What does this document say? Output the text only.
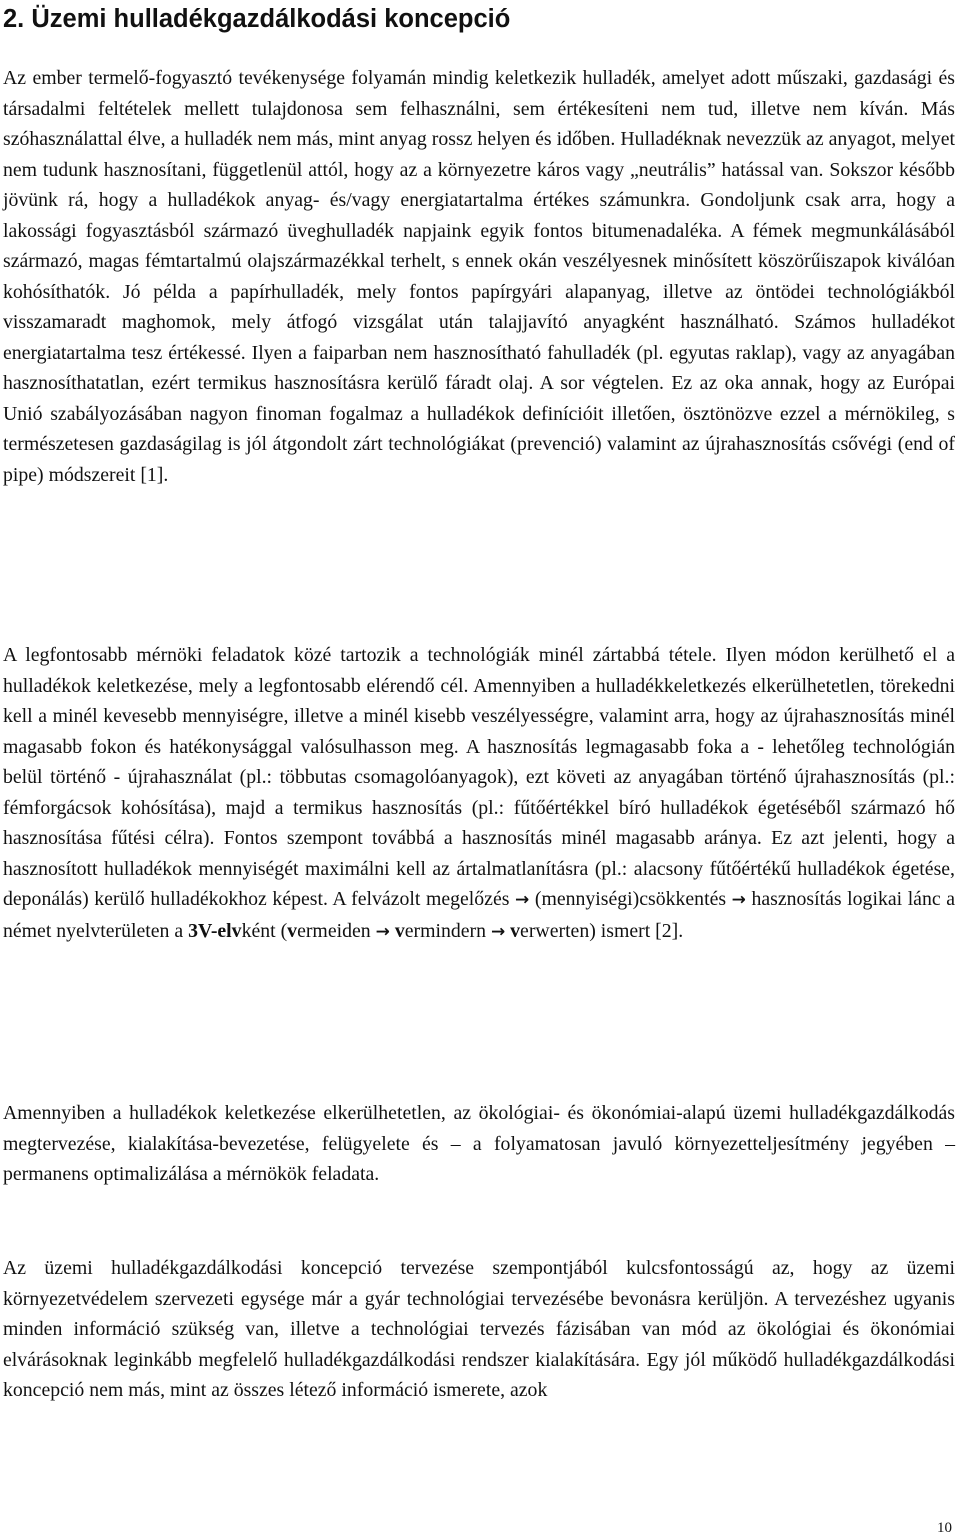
2. Üzemi hulladékgazdálkodási koncepció

Az ember termelő-fogyasztó tevékenysége folyamán mindig keletkezik hulladék, amelyet adott műszaki, gazdasági és társadalmi feltételek mellett tulajdonosa sem felhasználni, sem értékesíteni nem tud, illetve nem kíván. Más szóhasználattal élve, a hulladék nem más, mint anyag rossz helyen és időben. Hulladéknak nevezzük az anyagot, melyet nem tudunk hasznosítani, függetlenül attól, hogy az a környezetre káros vagy „neutrális” hatással van. Sokszor később jövünk rá, hogy a hulladékok anyag- és/vagy energiatartalma értékes számunkra. Gondoljunk csak arra, hogy a lakossági fogyasztásból származó üveghulladék napjaink egyik fontos bitumenadaléka. A fémek megmunkálásából származó, magas fémtartalmú olajszármazékkal terhelt, s ennek okán veszélyesnek minősített köszörűiszapok kiválóan kohósíthatók. Jó példa a papírhulladék, mely fontos papírgyári alapanyag, illetve az öntödei technológiákból visszamaradt maghomok, mely átfogó vizsgálat után talajjavító anyagként használható. Számos hulladékot energiatartalma tesz értékessé. Ilyen a faiparban nem hasznosítható fahulladék (pl. egyutas raklap), vagy az anyagában hasznosíthatatlan, ezért termikus hasznosításra kerülő fáradt olaj. A sor végtelen. Ez az oka annak, hogy az Európai Unió szabályozásában nagyon finoman fogalmaz a hulladékok definícióit illetően, ösztönözve ezzel a mérnökileg, s természetesen gazdaságilag is jól átgondolt zárt technológiákat (prevenció) valamint az újrahasznosítás csővégi (end of pipe) módszereit [1].

A legfontosabb mérnöki feladatok közé tartozik a technológiák minél zártabbá tétele. Ilyen módon kerülhető el a hulladékok keletkezése, mely a legfontosabb elérendő cél. Amennyiben a hulladékkeletkezés elkerülhetetlen, törekedni kell a minél kevesebb mennyiségre, illetve a minél kisebb veszélyességre, valamint arra, hogy az újrahasznosítás minél magasabb fokon és hatékonysággal valósulhasson meg. A hasznosítás legmagasabb foka a - lehetőleg technológián belül történő - újrahasználat (pl.: többutas csomagolóanyagok), ezt követi az anyagában történő újrahasznosítás (pl.: fémforgácsok kohósítása), majd a termikus hasznosítás (pl.: fűtőértékkel bíró hulladékok égetéséből származó hő hasznosítása fűtési célra). Fontos szempont továbbá a hasznosítás minél magasabb aránya. Ez azt jelenti, hogy a hasznosított hulladékok mennyiségét maximálni kell az ártalmatlanításra (pl.: alacsony fűtőértékű hulladékok égetése, deponálás) kerülő hulladékokhoz képest. A felvázolt megelőzés → (mennyiségi)csökkentés → hasznosítás logikai lánc a német nyelvterületen a 3V-elvként (vermeiden → vermindern → verwerten) ismert [2].

Amennyiben a hulladékok keletkezése elkerülhetetlen, az ökológiai- és ökonómiai-alapú üzemi hulladékgazdálkodás megtervezése, kialakítása-bevezetése, felügyelete és – a folyamatosan javuló környezetteljesítmény jegyében – permanens optimalizálása a mérnökök feladata.

Az üzemi hulladékgazdálkodási koncepció tervezése szempontjából kulcsfontosságú az, hogy az üzemi környezetvédelem szervezeti egysége már a gyár technológiai tervezésébe bevonásra kerüljön. A tervezéshez ugyanis minden információ szükség van, illetve a technológiai tervezés fázisában van mód az ökológiai és ökonómiai elvárásoknak leginkább megfelelő hulladékgazdálkodási rendszer kialakítására. Egy jól működő hulladékgazdálkodási koncepció nem más, mint az összes létező információ ismerete, azok

10
